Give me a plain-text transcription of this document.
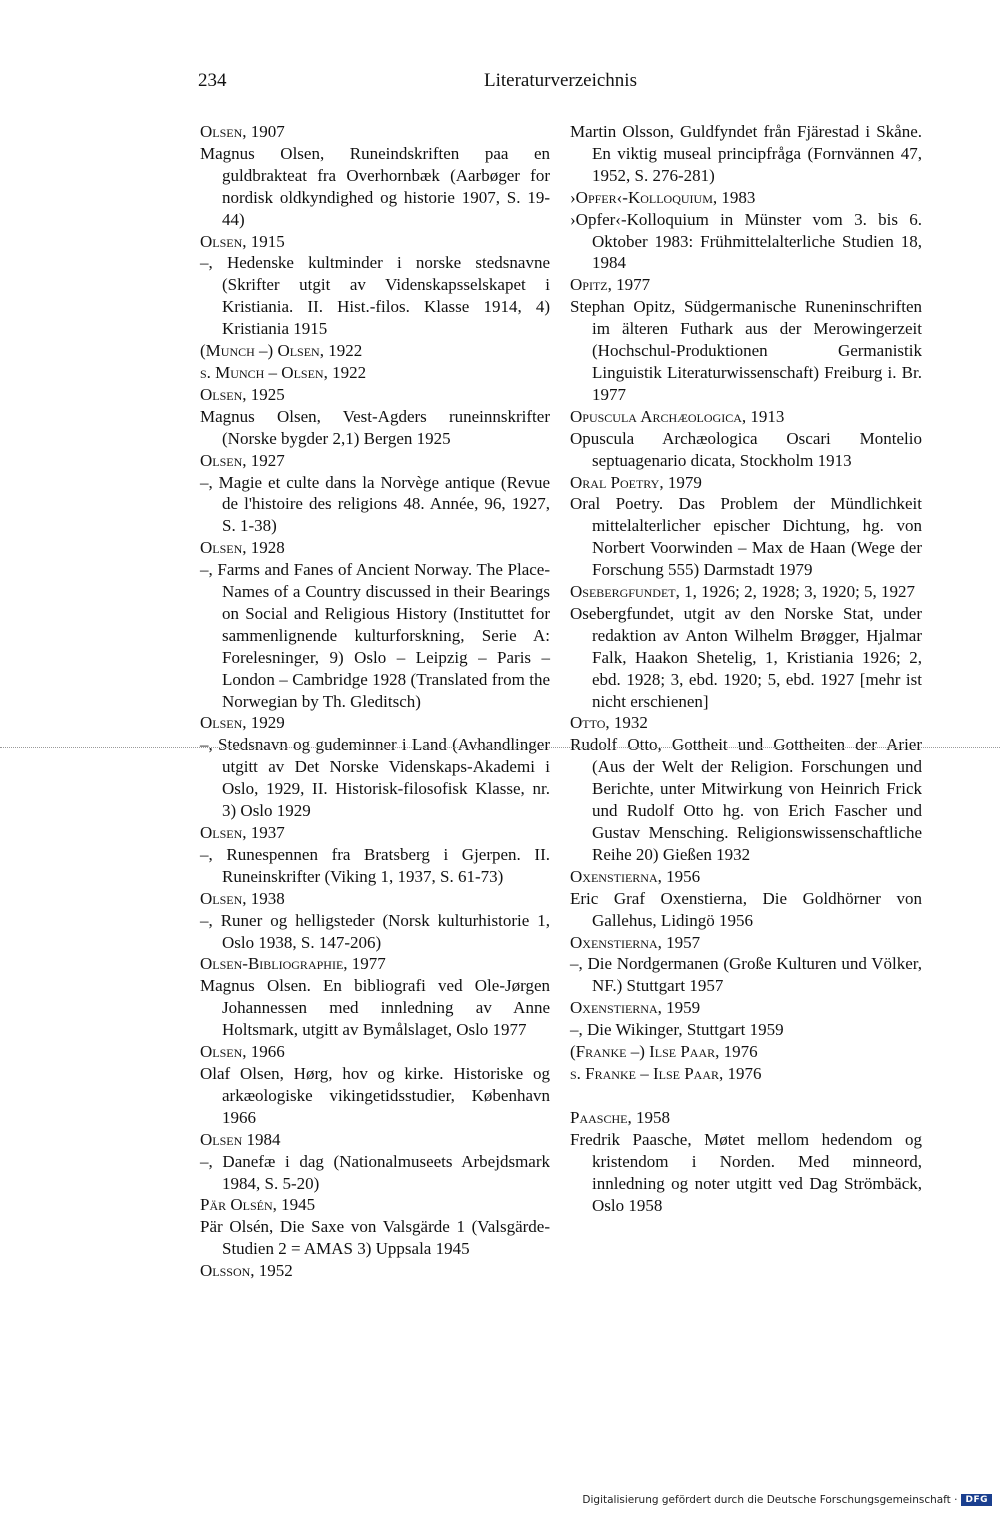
234	Literaturverzeichnis
Olsen, 1907
Magnus Olsen, Runeindskriften paa en guldbrakteat fra Overhornbæk (Aarbøger for nordisk oldkyndighed og historie 1907, S. 19-44)
Olsen, 1915
–, Hedenske kultminder i norske stedsnavne (Skrifter utgit av Videnskapsselskapet i Kristiania. II. Hist.-filos. Klasse 1914, 4) Kristiania 1915
(Munch –) Olsen, 1922
s. Munch – Olsen, 1922
Olsen, 1925
Magnus Olsen, Vest-Agders runeinnskrifter (Norske bygder 2,1) Bergen 1925
Olsen, 1927
–, Magie et culte dans la Norvège antique (Revue de l'histoire des religions 48. Année, 96, 1927, S. 1-38)
Olsen, 1928
–, Farms and Fanes of Ancient Norway. The Place-Names of a Country discussed in their Bearings on Social and Religious History (Instituttet for sammenlignende kulturforskning, Serie A: Forelesninger, 9) Oslo – Leipzig – Paris – London – Cambridge 1928 (Translated from the Norwegian by Th. Gleditsch)
Olsen, 1929
–, Stedsnavn og gudeminner i Land (Avhandlinger utgitt av Det Norske Videnskaps-Akademi i Oslo, 1929, II. Historisk-filosofisk Klasse, nr. 3) Oslo 1929
Olsen, 1937
–, Runespennen fra Bratsberg i Gjerpen. II. Runeinskrifter (Viking 1, 1937, S. 61-73)
Olsen, 1938
–, Runer og helligsteder (Norsk kulturhistorie 1, Oslo 1938, S. 147-206)
Olsen-Bibliographie, 1977
Magnus Olsen. En bibliografi ved Ole-Jørgen Johannessen med innledning av Anne Holtsmark, utgitt av Bymålslaget, Oslo 1977
Olsen, 1966
Olaf Olsen, Hørg, hov og kirke. Historiske og arkæologiske vikingetidsstudier, København 1966
Olsen 1984
–, Danefæ i dag (Nationalmuseets Arbejdsmark 1984, S. 5-20)
Pär Olsén, 1945
Pär Olsén, Die Saxe von Valsgärde 1 (Valsgärde-Studien 2 = AMAS 3) Uppsala 1945
Olsson, 1952
Martin Olsson, Guldfyndet från Fjärestad i Skåne. En viktig museal principfråga (Fornvännen 47, 1952, S. 276-281)
›Opfer‹-Kolloquium, 1983
›Opfer‹-Kolloquium in Münster vom 3. bis 6. Oktober 1983: Frühmittelalterliche Studien 18, 1984
Opitz, 1977
Stephan Opitz, Südgermanische Runeninschriften im älteren Futhark aus der Merowingerzeit (Hochschul-Produktionen Germanistik Linguistik Literaturwissenschaft) Freiburg i. Br. 1977
Opuscula Archæologica, 1913
Opuscula Archæologica Oscari Montelio septuagenario dicata, Stockholm 1913
Oral Poetry, 1979
Oral Poetry. Das Problem der Mündlichkeit mittelalterlicher epischer Dichtung, hg. von Norbert Voorwinden – Max de Haan (Wege der Forschung 555) Darmstadt 1979
Osebergfundet, 1, 1926; 2, 1928; 3, 1920; 5, 1927
Osebergfundet, utgit av den Norske Stat, under redaktion av Anton Wilhelm Brøgger, Hjalmar Falk, Haakon Shetelig, 1, Kristiania 1926; 2, ebd. 1928; 3, ebd. 1920; 5, ebd. 1927 [mehr ist nicht erschienen]
Otto, 1932
Rudolf Otto, Gottheit und Gottheiten der Arier (Aus der Welt der Religion. Forschungen und Berichte, unter Mitwirkung von Heinrich Frick und Rudolf Otto hg. von Erich Fascher und Gustav Mensching. Religionswissenschaftliche Reihe 20) Gießen 1932
Oxenstierna, 1956
Eric Graf Oxenstierna, Die Goldhörner von Gallehus, Lidingö 1956
Oxenstierna, 1957
–, Die Nordgermanen (Große Kulturen und Völker, NF.) Stuttgart 1957
Oxenstierna, 1959
–, Die Wikinger, Stuttgart 1959
(Franke –) Ilse Paar, 1976
s. Franke – Ilse Paar, 1976
Paasche, 1958
Fredrik Paasche, Møtet mellom hedendom og kristendom i Norden. Med minneord, innledning og noter utgitt ved Dag Strömbäck, Oslo 1958
Digitalisierung gefördert durch die Deutsche Forschungsgemeinschaft · DFG
